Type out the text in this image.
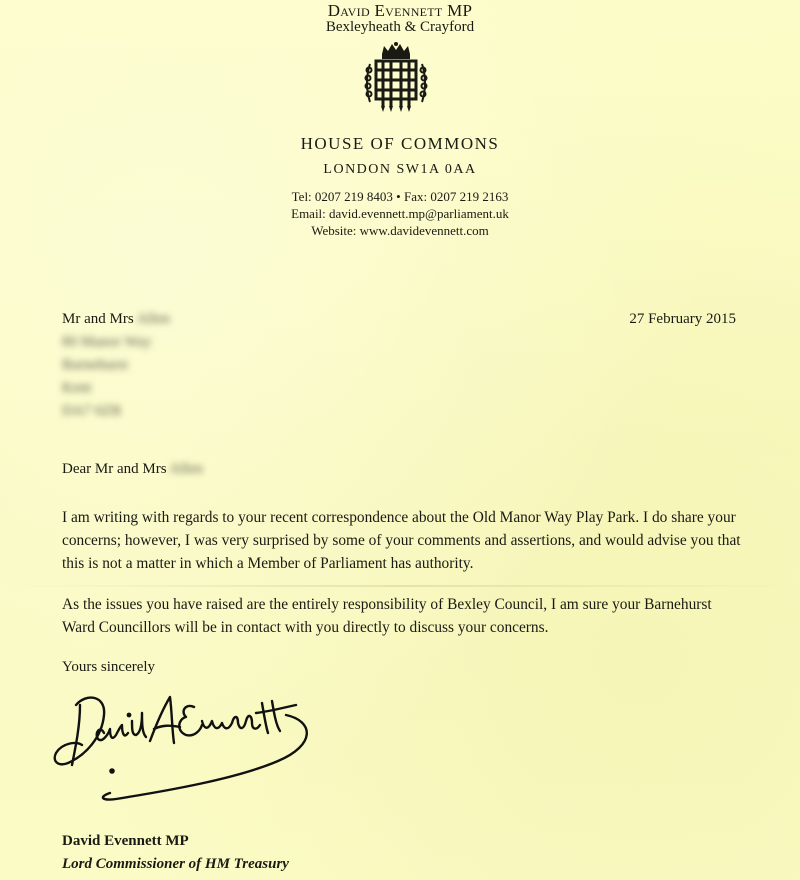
David Evennett MP
Bexleyheath & Crayford
HOUSE OF COMMONS
LONDON SW1A 0AA
Tel: 0207 219 8403 • Fax: 0207 219 2163
Email: david.evennett.mp@parliament.uk
Website: www.davidevennett.com
Mr and Mrs Allen
80 Manor Way
Barnehurst
Kent
DA7 6ZR
27 February 2015
Dear Mr and Mrs Allen
I am writing with regards to your recent correspondence about the Old Manor Way Play Park. I do share your concerns; however, I was very surprised by some of your comments and assertions, and would advise you that this is not a matter in which a Member of Parliament has authority.
As the issues you have raised are the entirely responsibility of Bexley Council, I am sure your Barnehurst Ward Councillors will be in contact with you directly to discuss your concerns.
Yours sincerely
David Evennett MP
Lord Commissioner of HM Treasury
